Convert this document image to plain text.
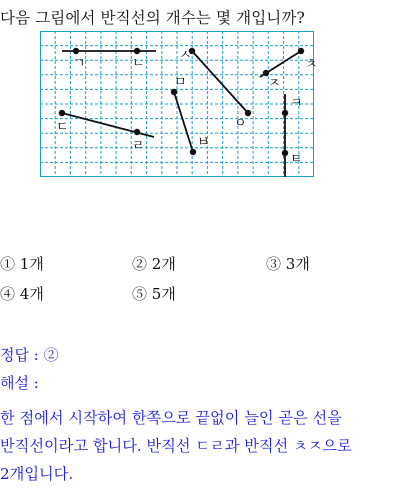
다음 그림에서 반직선의 개수는 몇 개입니까?
ㄱ	ㄴ
ㅅ
ㅊ
ㅁ	ㅈ
ㅋ
ㅇ
ㄷ
ㄹ	ㅂ
ㅌ
① 1개	② 2개	③ 3개
④ 4개	⑤ 5개
정답 : ②
해설 :
한 점에서 시작하여 한쪽으로 끝없이 늘인 곧은 선을
반직선이라고 합니다. 반직선 ㄷㄹ과 반직선 ㅊㅈ으로
2개입니다.
